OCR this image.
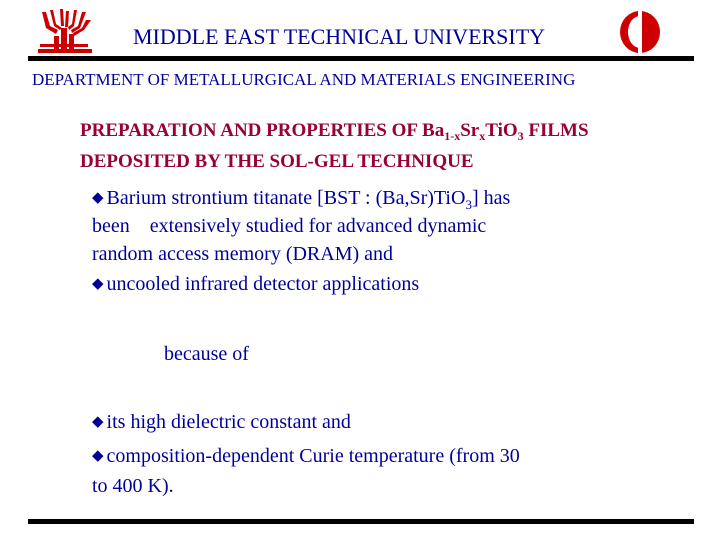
MIDDLE EAST TECHNICAL UNIVERSITY
DEPARTMENT OF METALLURGICAL AND MATERIALS ENGINEERING
PREPARATION AND PROPERTIES OF $Ba_{1-x}Sr_xTiO_3$ FILMS DEPOSITED BY THE SOL-GEL TECHNIQUE
◆ Barium strontium titanate [BST : (Ba,Sr)TiO$_3$] has
been    extensively studied for advanced dynamic
random access memory (DRAM) and
◆ uncooled infrared detector applications
because of
◆ its high dielectric constant and
◆ composition-dependent Curie temperature (from 30
to 400 K).
